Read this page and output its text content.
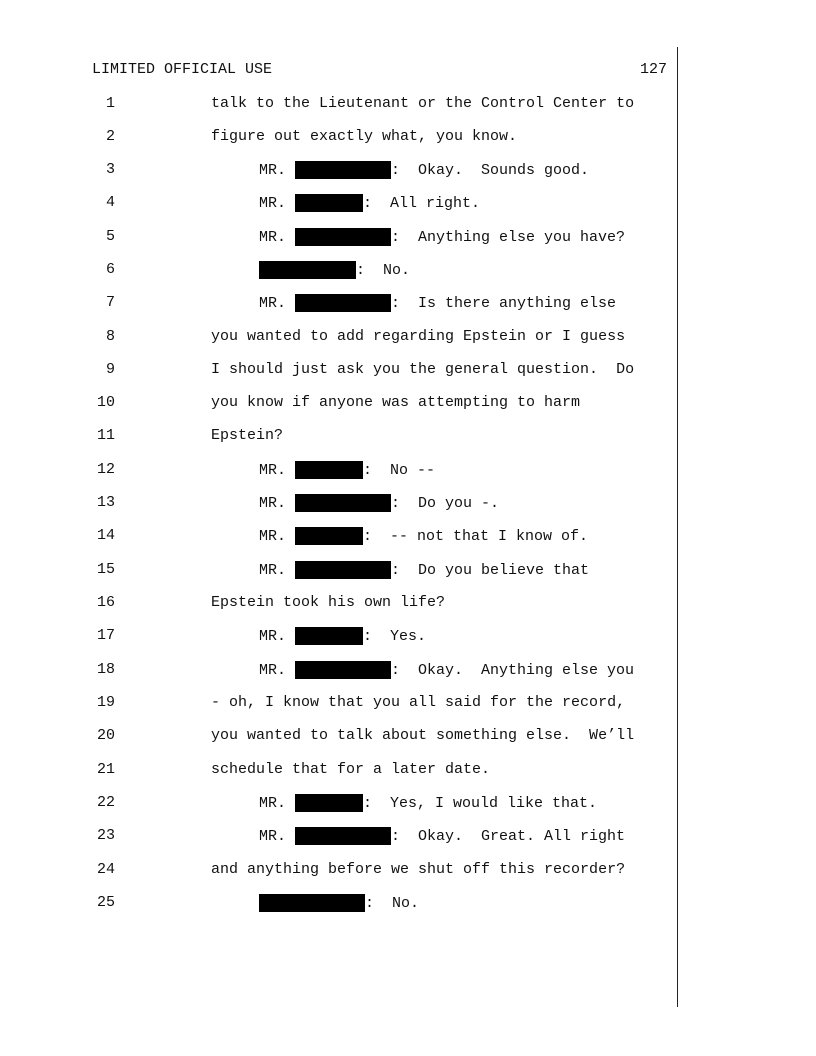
LIMITED OFFICIAL USE	127
1	talk to the Lieutenant or the Control Center to
2	figure out exactly what, you know.
3	MR.	:  Okay.  Sounds good.
4	MR.	:  All right.
5	MR.	:  Anything else you have?
6	:  No.
7	MR.	:  Is there anything else
8	you wanted to add regarding Epstein or I guess
9	I should just ask you the general question.  Do
10	you know if anyone was attempting to harm
11	Epstein?
12	MR.	:  No --
13	MR.	:  Do you -.
14	MR.	:  -- not that I know of.
15	MR.	:  Do you believe that
16	Epstein took his own life?
17	MR.	:  Yes.
18	MR.	:  Okay.  Anything else you
19	- oh, I know that you all said for the record,
20	you wanted to talk about something else.  We’ll
21	schedule that for a later date.
22	MR.	:  Yes, I would like that.
23	MR.	:  Okay.  Great. All right
24	and anything before we shut off this recorder?
25	:  No.
